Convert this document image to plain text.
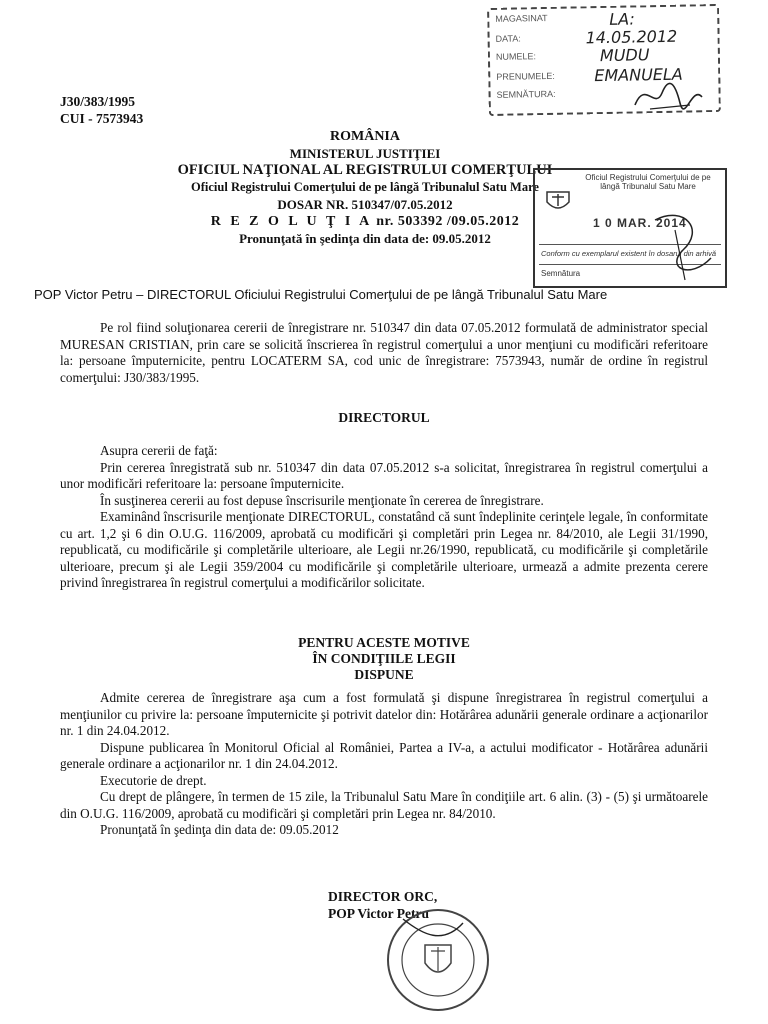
MAGASINAT	LA:
DATA:	14.05.2012
NUMELE:	MUDU
PRENUMELE: EMANUELA
SEMNĂTURA:
J30/383/1995
CUI - 7573943
ROMÂNIA
MINISTERUL JUSTIŢIEI
OFICIUL NAŢIONAL AL REGISTRULUI COMERŢULUI
Oficiul Registrului Comerţului de pe lângă Tribunalul Satu Mare
DOSAR NR. 510347/07.05.2012
R E Z O L U Ţ I A nr. 503392 /09.05.2012
Pronunţată în şedinţa din data de: 09.05.2012
Oficiul Registrului Comerţului de pe lângă Tribunalul Satu Mare
1 0 MAR. 2014
Conform cu exemplarul existent în dosarul din arhivă
Semnătura
POP Victor Petru – DIRECTORUL Oficiului Registrului Comerţului de pe lângă Tribunalul Satu Mare

Pe rol fiind soluţionarea cererii de înregistrare nr. 510347 din data 07.05.2012 formulată de administrator special MURESAN CRISTIAN, prin care se solicită înscrierea în registrul comerţului a unor menţiuni cu modificări referitoare la: persoane împuternicite, pentru LOCATERM SA, cod unic de înregistrare: 7573943, număr de ordine în registrul comerţului: J30/383/1995.

DIRECTORUL

Asupra cererii de faţă:

Prin cererea înregistrată sub nr. 510347 din data 07.05.2012 s-a solicitat, înregistrarea în registrul comerţului a unor modificări referitoare la: persoane împuternicite.

În susţinerea cererii au fost depuse înscrisurile menţionate în cererea de înregistrare.

Examinând înscrisurile menţionate DIRECTORUL, constatând că sunt îndeplinite cerinţele legale, în conformitate cu art. 1,2 şi 6 din O.U.G. 116/2009, aprobată cu modificări şi completări prin Legea nr. 84/2010, ale Legii 31/1990, republicată, cu modificările şi completările ulterioare, ale Legii nr.26/1990, republicată, cu modificările şi completările ulterioare, precum şi ale Legii 359/2004 cu modificările şi completările ulterioare, urmează a admite prezenta cerere privind înregistrarea în registrul comerţului a modificărilor solicitate.

PENTRU ACESTE MOTIVE
ÎN CONDIŢIILE LEGII
DISPUNE

Admite cererea de înregistrare aşa cum a fost formulată şi dispune înregistrarea în registrul comerţului a menţiunilor cu privire la: persoane împuternicite şi potrivit datelor din: Hotărârea adunării generale ordinare a acţionarilor nr. 1 din 24.04.2012.

Dispune publicarea în Monitorul Oficial al României, Partea a IV-a, a actului modificator - Hotărârea adunării generale ordinare a acţionarilor nr. 1 din 24.04.2012.

Executorie de drept.

Cu drept de plângere, în termen de 15 zile, la Tribunalul Satu Mare în condiţiile art. 6 alin. (3) - (5) şi următoarele din O.U.G. 116/2009, aprobată cu modificări şi completări prin Legea nr. 84/2010.

Pronunţată în şedinţa din data de: 09.05.2012

DIRECTOR ORC,
POP Victor Petru
